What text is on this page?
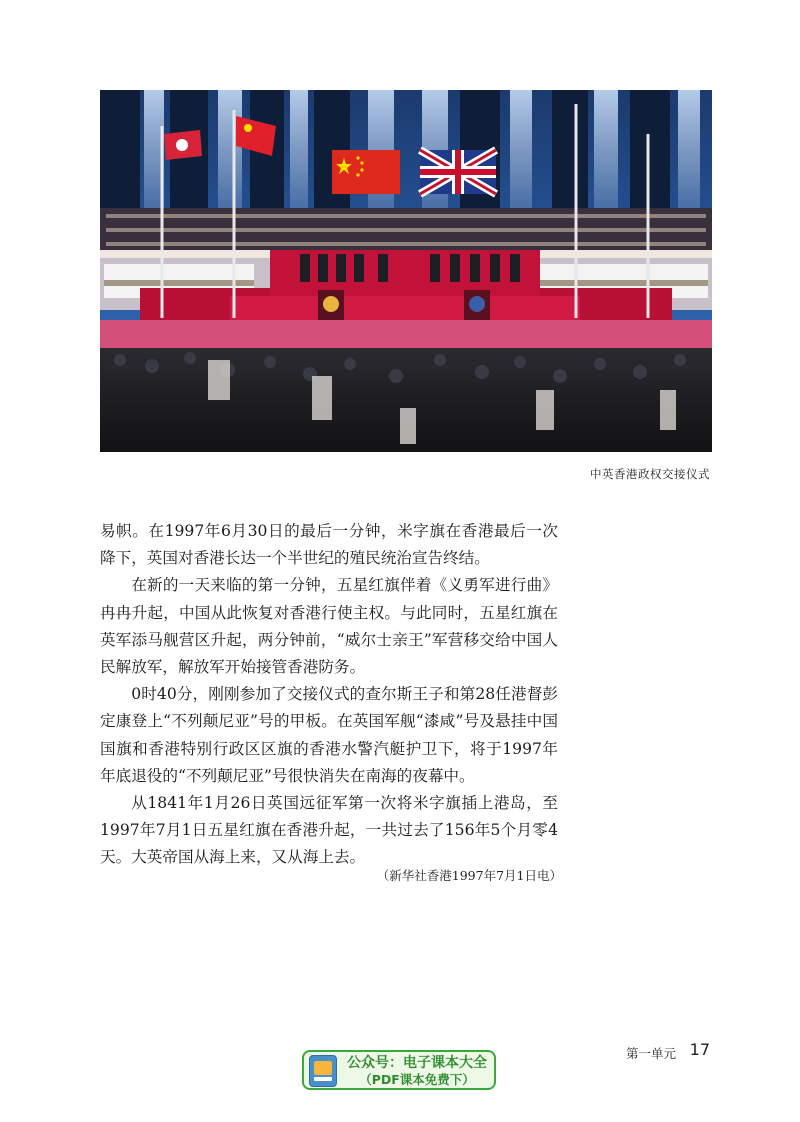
中英香港政权交接仪式

易帜。在1997年6月30日的最后一分钟，米字旗在香港最后一次降下，英国对香港长达一个半世纪的殖民统治宣告终结。

在新的一天来临的第一分钟，五星红旗伴着《义勇军进行曲》冉冉升起，中国从此恢复对香港行使主权。与此同时，五星红旗在英军添马舰营区升起，两分钟前，“威尔士亲王”军营移交给中国人民解放军，解放军开始接管香港防务。

0时40分，刚刚参加了交接仪式的查尔斯王子和第28任港督彭定康登上“不列颠尼亚”号的甲板。在英国军舰“漆咸”号及悬挂中国国旗和香港特别行政区区旗的香港水警汽艇护卫下，将于1997年年底退役的“不列颠尼亚”号很快消失在南海的夜幕中。

从1841年1月26日英国远征军第一次将米字旗插上港岛，至1997年7月1日五星红旗在香港升起，一共过去了156年5个月零4天。大英帝国从海上来，又从海上去。

（新华社香港1997年7月1日电）
第一单元 17
公众号：电子课本大全
（PDF课本免费下）
